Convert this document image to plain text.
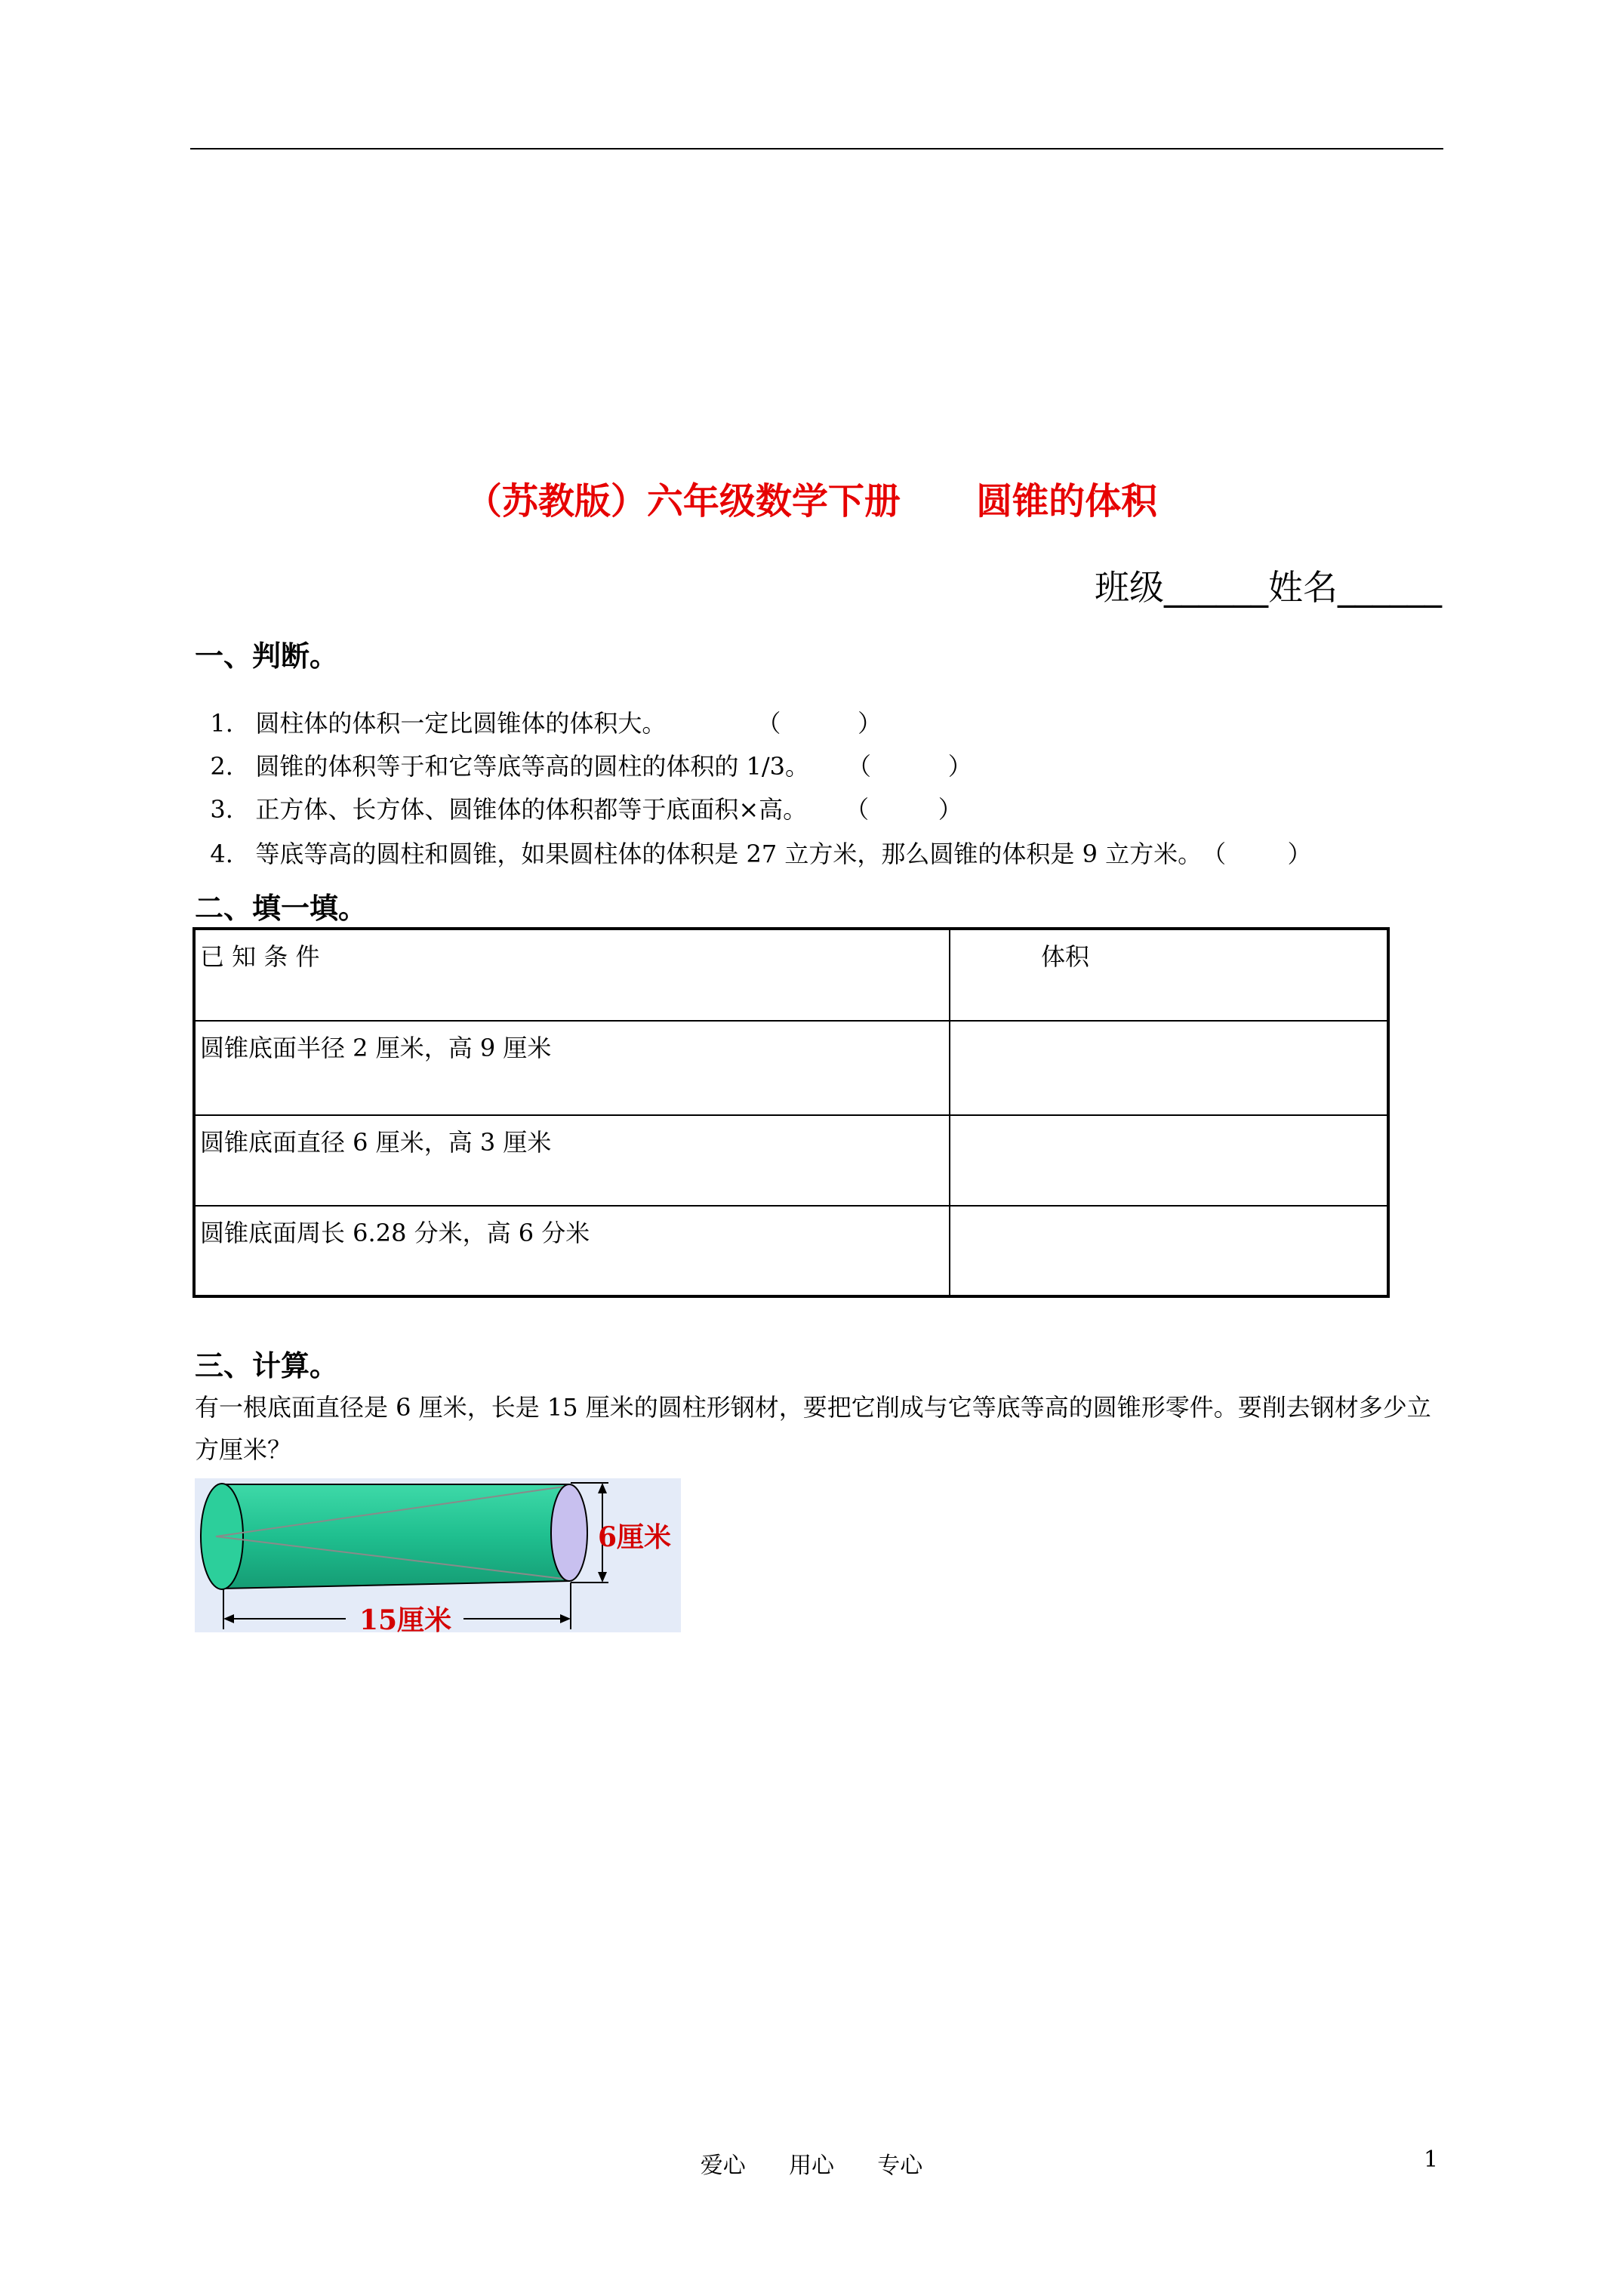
（苏教版）六年级数学下册      圆锥的体积
班级______姓名______
一、判断。

1. 圆柱体的体积一定比圆锥体的体积大。	（          ）

2. 圆锥的体积等于和它等底等高的圆柱的体积的 1/3。 （          ）

3. 正方体、长方体、圆锥体的体积都等于底面积×高。 （         ）

4. 等底等高的圆柱和圆锥，如果圆柱体的体积是 27 立方米，那么圆锥的体积是 9 立方米。（        ）

二、填一填。
已 知 条 件	体积
圆锥底面半径 2 厘米，高 9 厘米	
圆锥底面直径 6 厘米，高 3 厘米	
圆锥底面周长 6.28 分米，高 6 分米	
三、计算。
有一根底面直径是 6 厘米，长是 15 厘米的圆柱形钢材，要把它削成与它等底等高的圆锥形零件。要削去钢材多少立方厘米？
6厘米
15厘米
爱心      用心      专心	1
